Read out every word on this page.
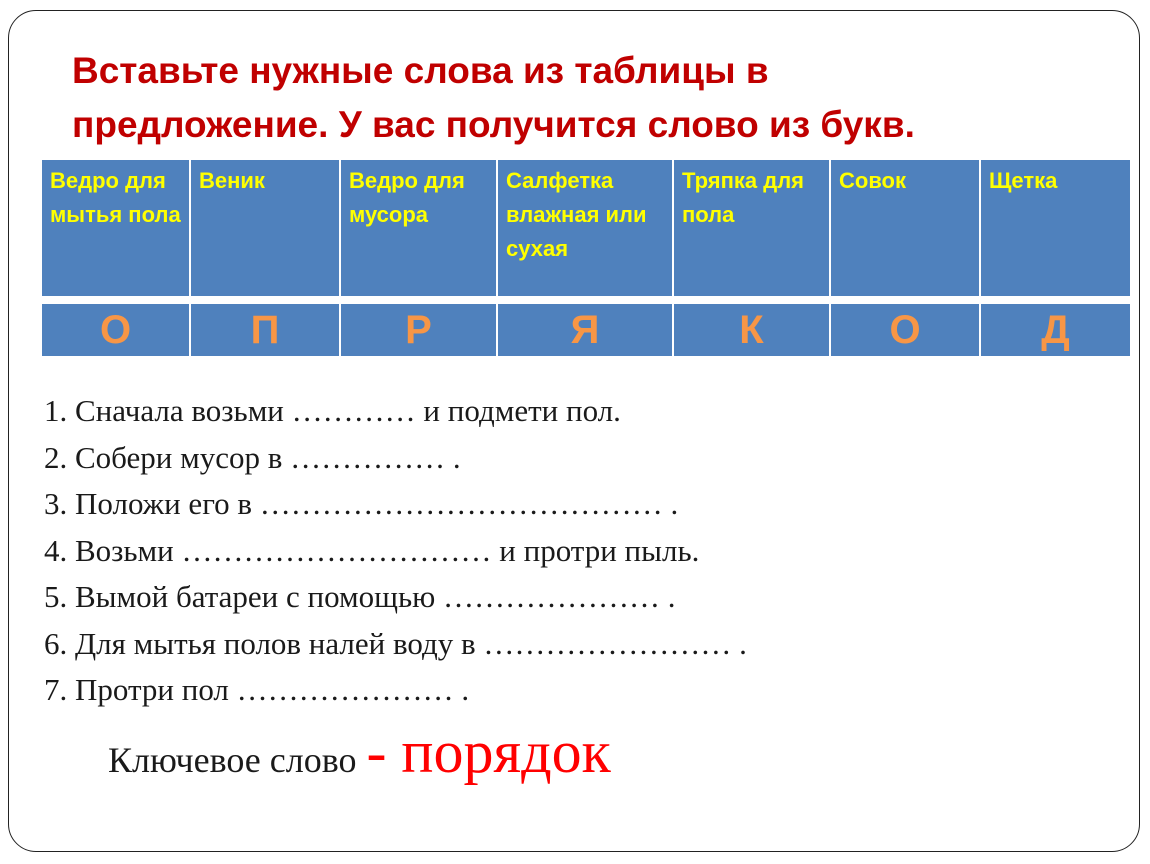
Вставьте нужные слова из таблицы в
предложение. У вас получится слово из букв.
Ведро для мытья пола	Веник	Ведро для мусора	Салфетка влажная или сухая	Тряпка для пола	Совок	Щетка

О	П	Р	Я	К	О	Д
1. Сначала возьми ………… и подмети пол.
2. Собери мусор в …………… .
3. Положи его в ………………………………… .
4. Возьми ………………………… и протри пыль.
5. Вымой батареи с помощью ………………… .
6. Для мытья полов налей воду в …………………… .
7. Протри пол ………………… .
Ключевое слово - порядок
